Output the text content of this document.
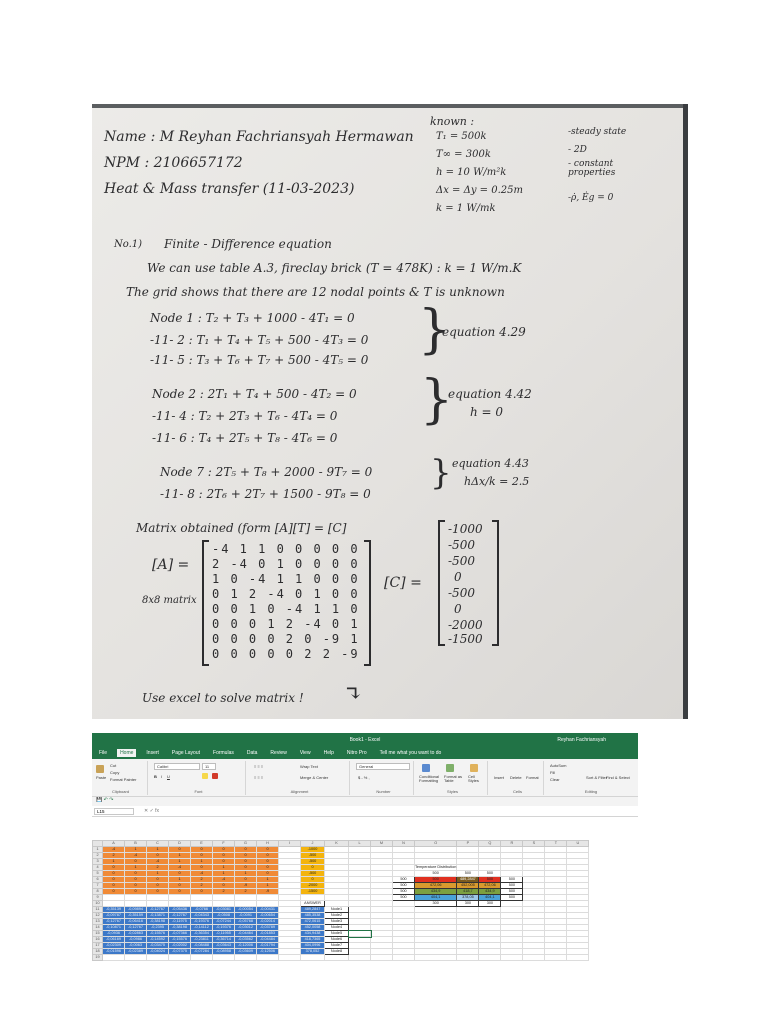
Name : M Reyhan Fachriansyah Hermawan
NPM : 2106657172
Heat & Mass transfer (11-03-2023)
known :
T₁ = 500k
T∞ = 300k
h = 10 W/m²k
Δx = Δy = 0.25m
k = 1 W/mk
-steady state
- 2D
- constant properties
-ρ̇, Ėg = 0
No.1) Finite - Difference equation
We can use table A.3, fireclay brick (T = 478K) : k = 1 W/m.K
The grid shows that there are 12 nodal points & T is unknown
Node 1 : T₂ + T₃ + 1000 - 4T₁ = 0
-11- 2 : T₁ + T₄ + T₅ + 500 - 4T₃ = 0
-11- 5 : T₃ + T₆ + T₇ + 500 - 4T₅ = 0 }
equation 4.29
Node 2 : 2T₁ + T₄ + 500 - 4T₂ = 0
-11- 4 : T₂ + 2T₃ + T₆ - 4T₄ = 0
-11- 6 : T₄ + 2T₅ + T₈ - 4T₆ = 0
}
equation 4.42
h = 0
Node 7 : 2T₅ + T₈ + 2000 - 9T₇ = 0
-11- 8 : 2T₆ + 2T₇ + 1500 - 9T₈ = 0
} equation 4.43
hΔx/k = 2.5
Matrix obtained (form [A][T] = [C]
[A] =
8x8 matrix
-4 1 1 0 0 0 0 0
2 -4 0 1 0 0 0 0
1 0 -4 1 1 0 0 0
0 1 2 -4 0 1 0 0
0 0 1 0 -4 1 1 0
0 0 0 1 2 -4 0 1
0 0 0 0 2 0 -9 1
0 0 0 0 0 2 2 -9
[C] =
-1000
-500
-500
0
-500
0
-2000
-1500
Use excel to solve matrix ! ↴
Book1 - Excel	Reyhan Fachriansyah
File	Home	Insert	Page Layout	Formulas	Data	Review	View	Help	Nitro Pro	Tell me what you want to do
Paste
Cut
Copy
Format Painter
Clipboard
Calibri	11
B I U
Font
Wrap Text
Merge & Center
≡ ≡ ≡
≡ ≡ ≡
Alignment
General
$ - % ,
Number
Conditional Formatting
Format as Table
Cell Styles
Styles
Insert Delete Format
Cells
AutoSum
Fill
Clear	Sort & Filter
Find & Select
Editing
💾 ↶ ↷
L15	✕ ✓ fx
	A	B	C	D	E	F	G	H	I	J	K	L	M	N	O	P	Q	R	S	T	U
1	-4	1	1	0	0	0	0	0		-1000											
2	2	-4	0	1	0	0	0	0		-500											
3	1	0	-4	1	1	0	0	0		-500											
4	0	1	2	-4	0	1	0	0		0					Temperature Distribution						
5	0	0	1	0	-4	1	1	0		-500					500	500	500				
6	0	0	0	1	2	-4	0	1		0				500	500	489,2847	500	500			
7	0	0	0	0	2	0	-9	1		-2000				500	472,06	452,005	472,06	500			
8	0	0	0	0	0	2	2	-9		-1500				500	434,9	418,7	434,9	500			
9														500	404,1	378,05	404,1	500			
10										ANSWER					300	300	300				
11	-0,35139	-0,09894	-0,12767	-0,05436	-0,0766	-0,03081	-0,00054	-0,00431		489,2847	Node1										
12	-0,09787	-0,35159	-0,13871	-0,12767	-0,04343	-0,0508	-0,0091	-0,00654		485,3538	Node2										
13	-0,12767	-0,06416	-0,38198	-0,11975	-0,19376	-0,07244	-0,05768	-0,02014		472,0615	Node3										
14	-0,10871	-0,12767	-0,2395	-0,38198	-0,14112	-0,19376	-0,03012	-0,03789		452,0058	Node4										
15	-0,0936	-0,02863	-0,15576	-0,07366	-0,36354	-0,11955	-0,04464	-0,01853		434,9438	Node5										
16	-0,06169	-0,0986	-0,14592	-0,15576	-0,23811	-0,36714	-0,03562	-0,04484		418,7365	Node6										
17	-0,02309	-0,0063	-0,03475	-0,02002	-0,08488	-0,03643	-0,12006	-0,01794		404,0996	Node7										
18	-0,01596	-0,02389	-0,04024	-0,07375	-0,07284	-0,08958	-0,03609	-0,12506		378,052	Node8										
19																					
